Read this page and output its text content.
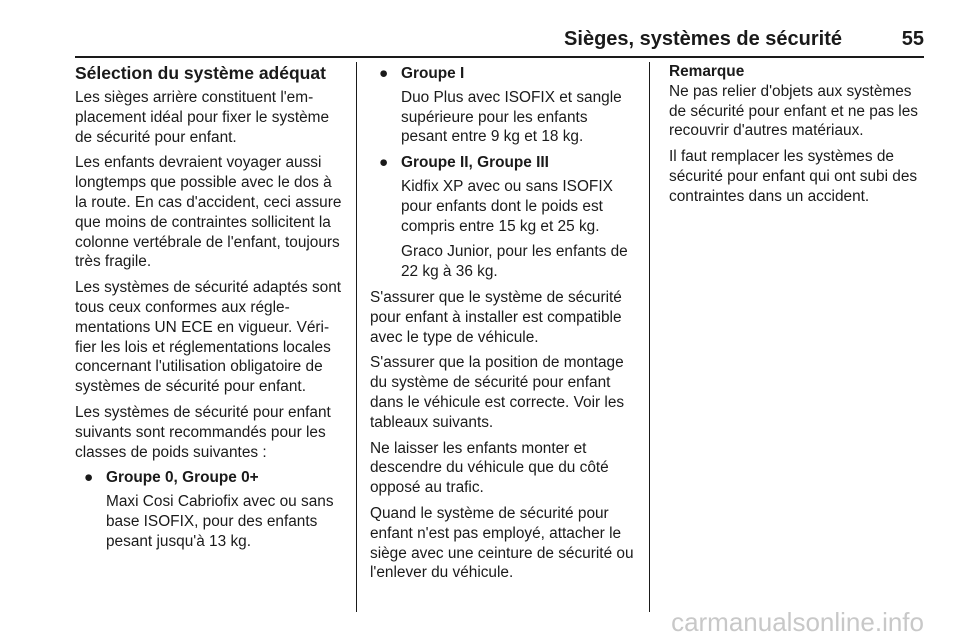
Sièges, systèmes de sécurité	55
Sélection du système adéquat

Les sièges arrière constituent l'emplacement idéal pour fixer le système de sécurité pour enfant.

Les enfants devraient voyager aussi longtemps que possible avec le dos à la route. En cas d'accident, ceci assure que moins de contraintes sollicitent la colonne vertébrale de l'enfant, toujours très fragile.

Les systèmes de sécurité adaptés sont tous ceux conformes aux réglementations UN ECE en vigueur. Vérifier les lois et réglementations locales concernant l'utilisation obligatoire de systèmes de sécurité pour enfant.

Les systèmes de sécurité pour enfant suivants sont recommandés pour les classes de poids suivantes :

● Groupe 0, Groupe 0+
Maxi Cosi Cabriofix avec ou sans base ISOFIX, pour des enfants pesant jusqu'à 13 kg.
● Groupe I
Duo Plus avec ISOFIX et sangle supérieure pour les enfants pesant entre 9 kg et 18 kg.
● Groupe II, Groupe III
Kidfix XP avec ou sans ISOFIX pour enfants dont le poids est compris entre 15 kg et 25 kg.
Graco Junior, pour les enfants de 22 kg à 36 kg.

S'assurer que le système de sécurité pour enfant à installer est compatible avec le type de véhicule.

S'assurer que la position de montage du système de sécurité pour enfant dans le véhicule est correcte. Voir les tableaux suivants.

Ne laisser les enfants monter et descendre du véhicule que du côté opposé au trafic.

Quand le système de sécurité pour enfant n'est pas employé, attacher le siège avec une ceinture de sécurité ou l'enlever du véhicule.

Remarque
Ne pas relier d'objets aux systèmes de sécurité pour enfant et ne pas les recouvrir d'autres matériaux.

Il faut remplacer les systèmes de sécurité pour enfant qui ont subi des contraintes dans un accident.

carmanualsonline.info
